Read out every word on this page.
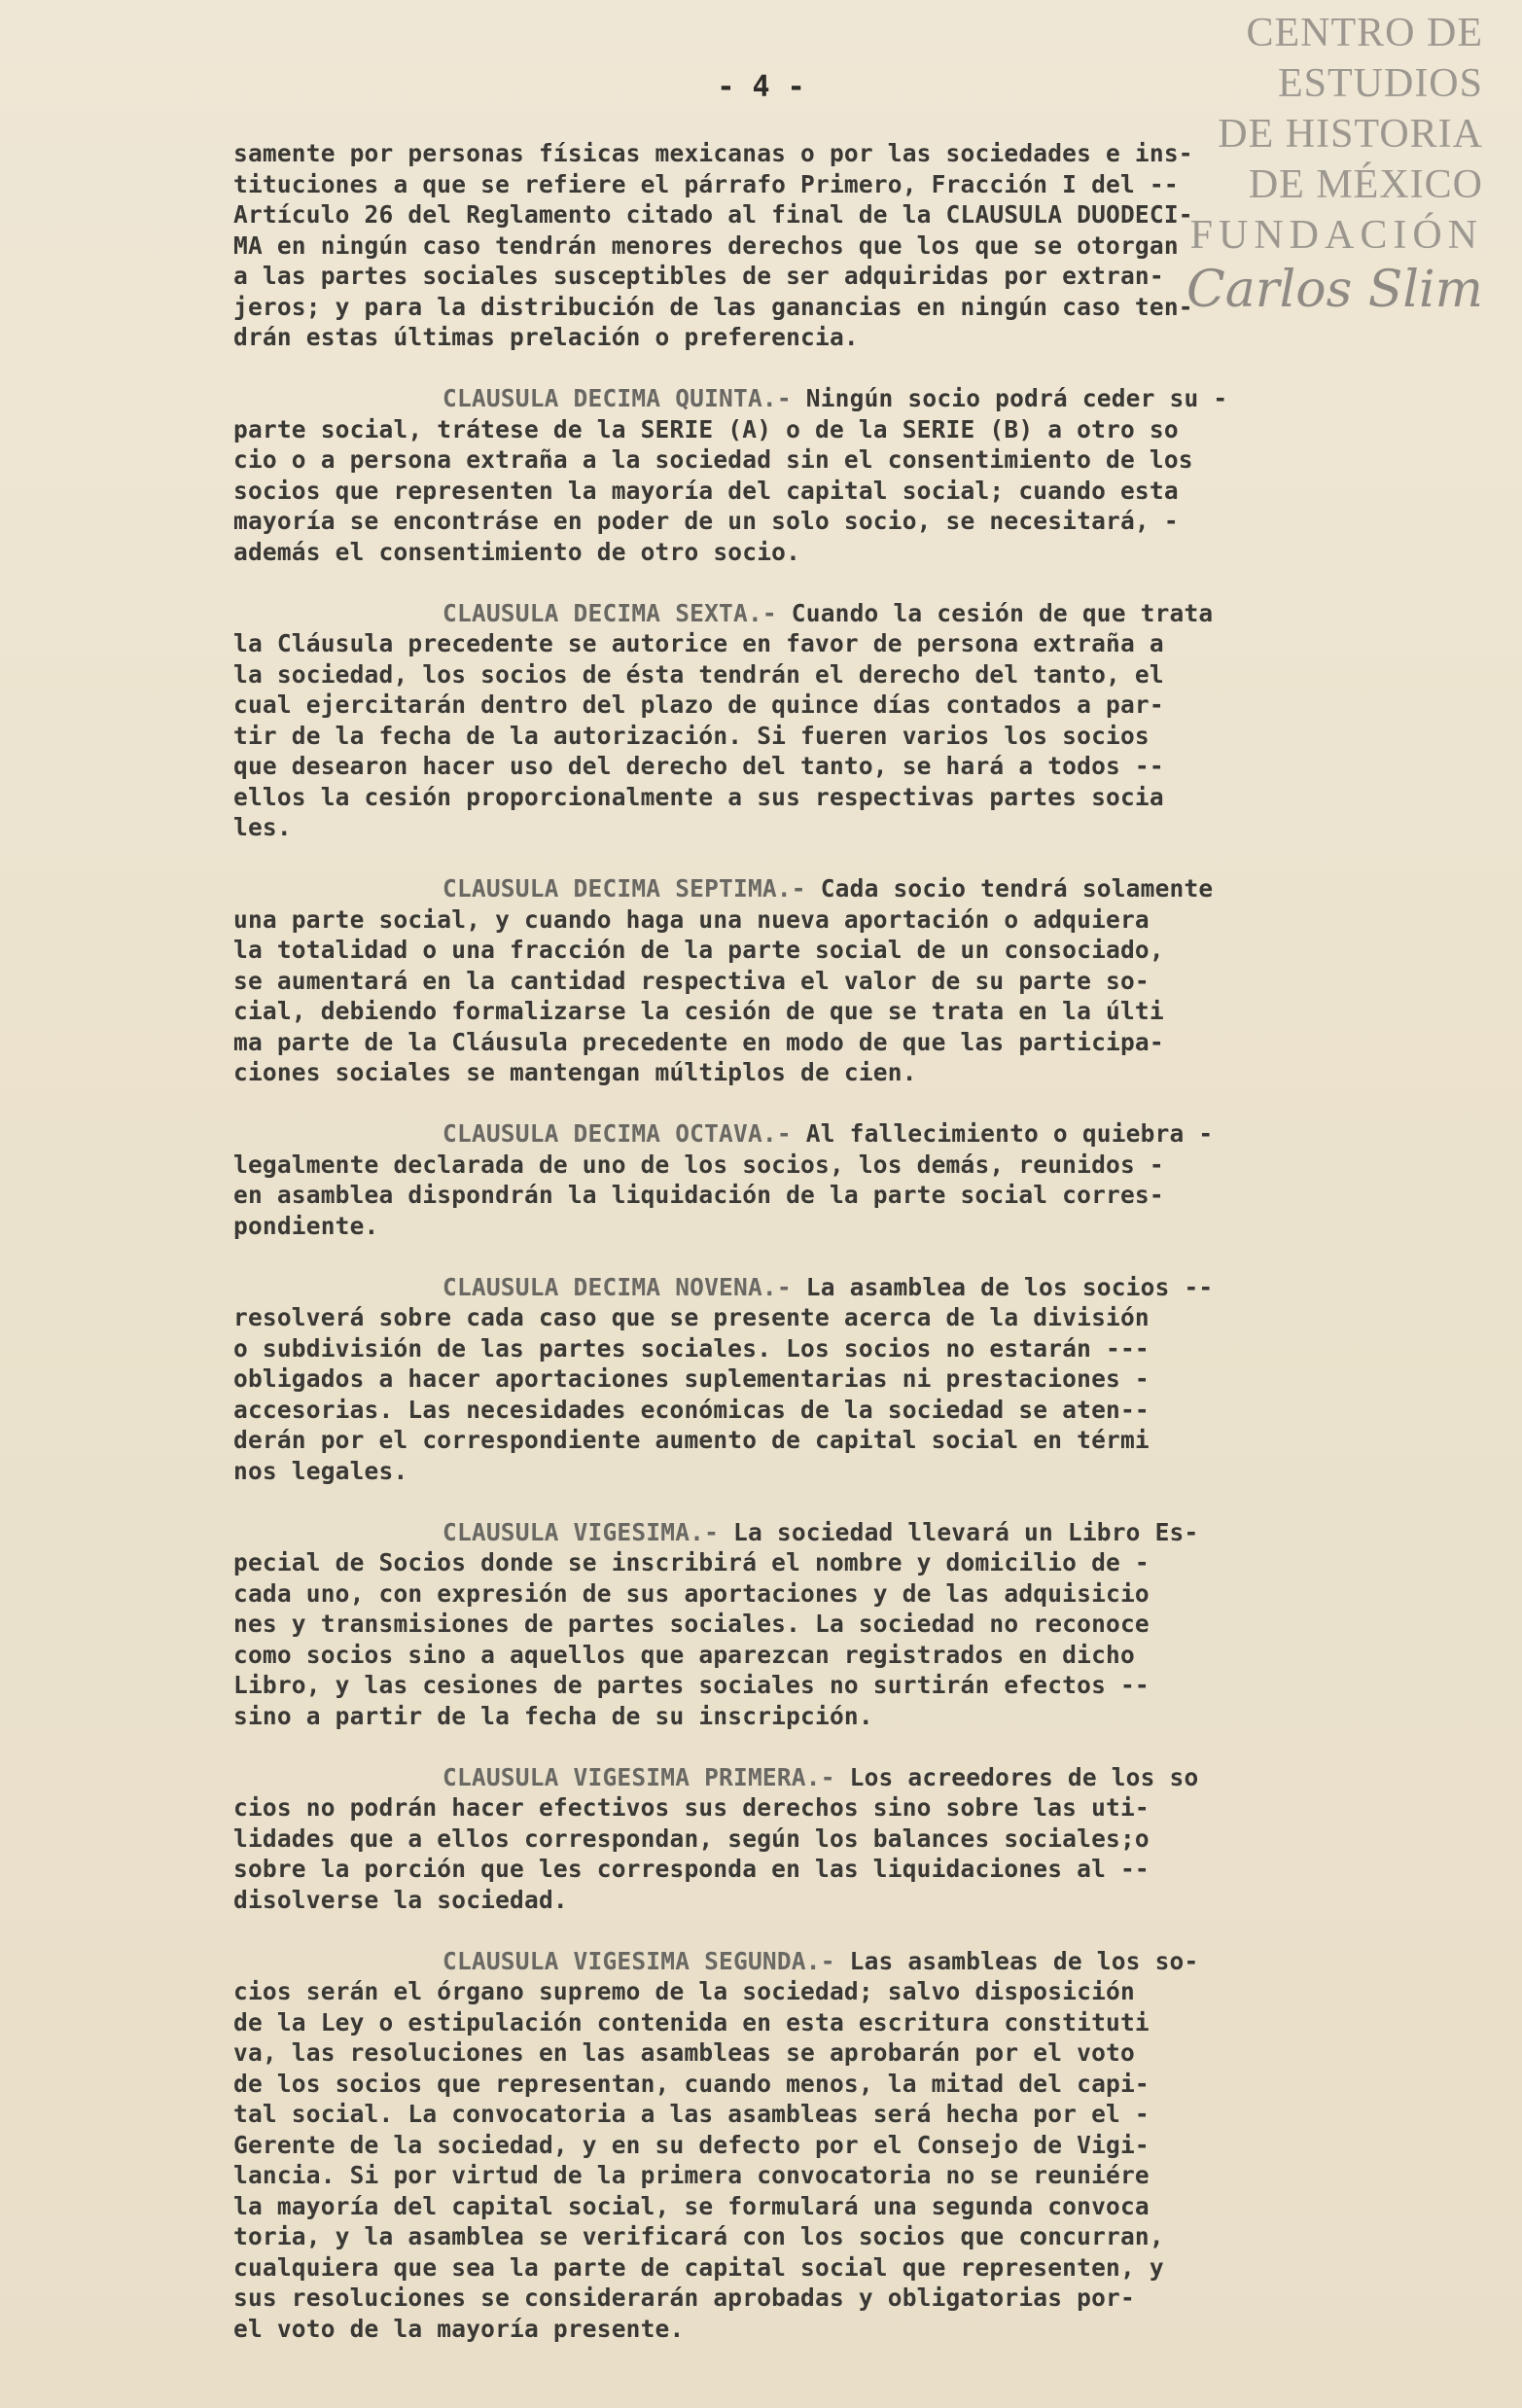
CENTRO DE
ESTUDIOS
DE HISTORIA
DE MÉXICO
FUNDACIÓN
Carlos Slim
- 4 -
samente por personas físicas mexicanas o por las sociedades e ins-
tituciones a que se refiere el párrafo Primero, Fracción I del --
Artículo 26 del Reglamento citado al final de la CLAUSULA DUODECI-
MA en ningún caso tendrán menores derechos que los que se otorgan
a las partes sociales susceptibles de ser adquiridas por extran-
jeros; y para la distribución de las ganancias en ningún caso ten-
drán estas últimas prelación o preferencia.
CLAUSULA DECIMA QUINTA.- Ningún socio podrá ceder su -
parte social, trátese de la SERIE (A) o de la SERIE (B) a otro so
cio o a persona extraña a la sociedad sin el consentimiento de los
socios que representen la mayoría del capital social; cuando esta
mayoría se encontráse en poder de un solo socio, se necesitará, -
además el consentimiento de otro socio.
CLAUSULA DECIMA SEXTA.- Cuando la cesión de que trata
la Cláusula precedente se autorice en favor de persona extraña a
la sociedad, los socios de ésta tendrán el derecho del tanto, el
cual ejercitarán dentro del plazo de quince días contados a par-
tir de la fecha de la autorización. Si fueren varios los socios
que desearon hacer uso del derecho del tanto, se hará a todos --
ellos la cesión proporcionalmente a sus respectivas partes socia
les.
CLAUSULA DECIMA SEPTIMA.- Cada socio tendrá solamente
una parte social, y cuando haga una nueva aportación o adquiera
la totalidad o una fracción de la parte social de un consociado,
se aumentará en la cantidad respectiva el valor de su parte so-
cial, debiendo formalizarse la cesión de que se trata en la últi
ma parte de la Cláusula precedente en modo de que las participa-
ciones sociales se mantengan múltiplos de cien.
CLAUSULA DECIMA OCTAVA.- Al fallecimiento o quiebra -
legalmente declarada de uno de los socios, los demás, reunidos -
en asamblea dispondrán la liquidación de la parte social corres-
pondiente.
CLAUSULA DECIMA NOVENA.- La asamblea de los socios --
resolverá sobre cada caso que se presente acerca de la división
o subdivisión de las partes sociales. Los socios no estarán ---
obligados a hacer aportaciones suplementarias ni prestaciones -
accesorias. Las necesidades económicas de la sociedad se aten--
derán por el correspondiente aumento de capital social en térmi
nos legales.
CLAUSULA VIGESIMA.- La sociedad llevará un Libro Es-
pecial de Socios donde se inscribirá el nombre y domicilio de -
cada uno, con expresión de sus aportaciones y de las adquisicio
nes y transmisiones de partes sociales. La sociedad no reconoce
como socios sino a aquellos que aparezcan registrados en dicho
Libro, y las cesiones de partes sociales no surtirán efectos --
sino a partir de la fecha de su inscripción.
CLAUSULA VIGESIMA PRIMERA.- Los acreedores de los so
cios no podrán hacer efectivos sus derechos sino sobre las uti-
lidades que a ellos correspondan, según los balances sociales;o
sobre la porción que les corresponda en las liquidaciones al --
disolverse la sociedad.
CLAUSULA VIGESIMA SEGUNDA.- Las asambleas de los so-
cios serán el órgano supremo de la sociedad; salvo disposición
de la Ley o estipulación contenida en esta escritura constituti
va, las resoluciones en las asambleas se aprobarán por el voto
de los socios que representan, cuando menos, la mitad del capi-
tal social. La convocatoria a las asambleas será hecha por el -
Gerente de la sociedad, y en su defecto por el Consejo de Vigi-
lancia. Si por virtud de la primera convocatoria no se reuniére
la mayoría del capital social, se formulará una segunda convoca
toria, y la asamblea se verificará con los socios que concurran,
cualquiera que sea la parte de capital social que representen, y
sus resoluciones se considerarán aprobadas y obligatorias por-
el voto de la mayoría presente.
